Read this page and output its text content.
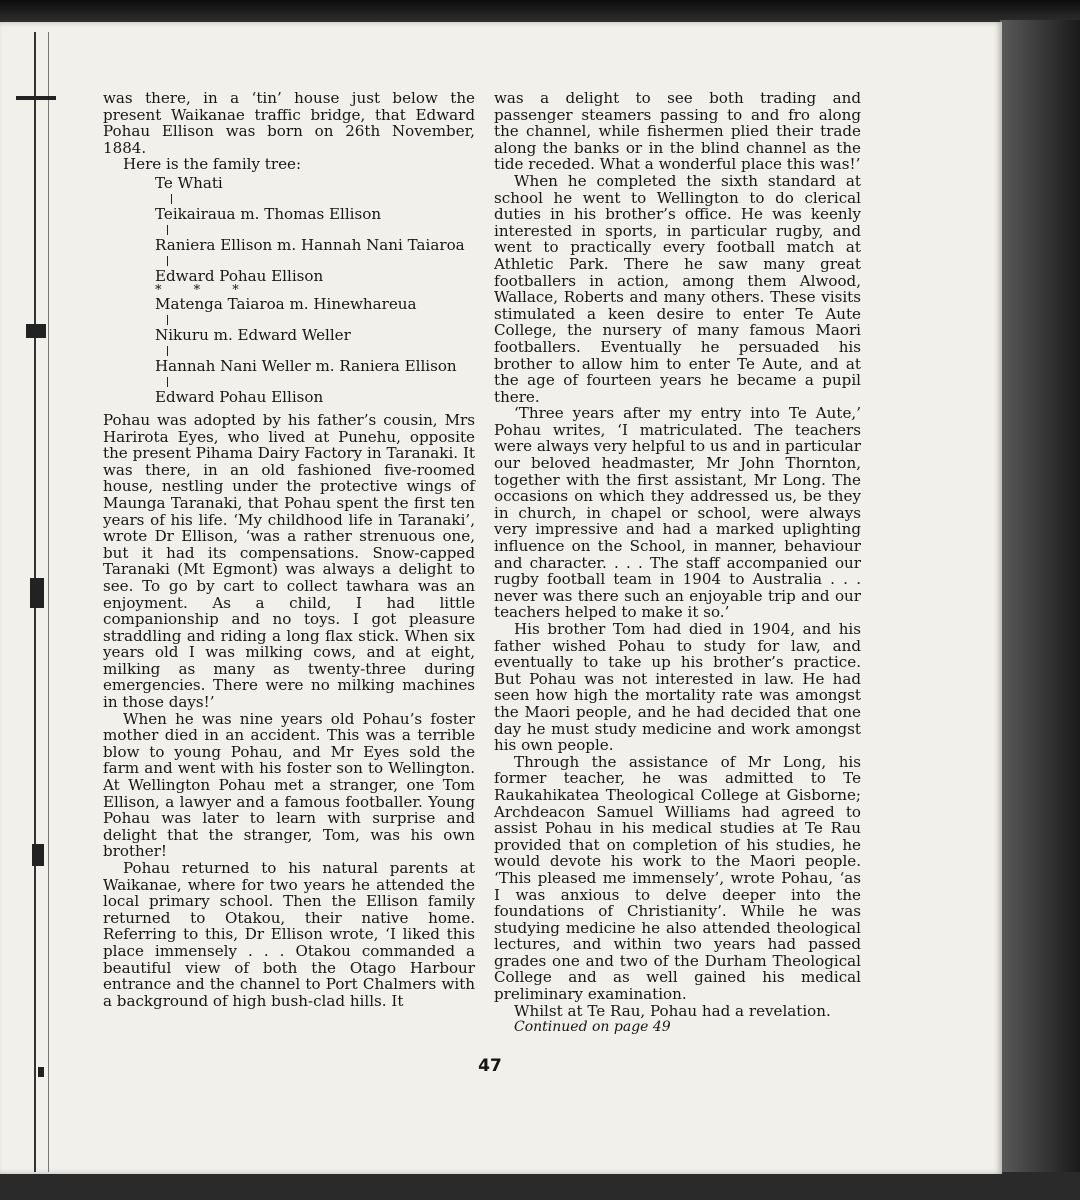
was there, in a ‘tin’ house just below the present Waikanae traffic bridge, that Edward Pohau Ellison was born on 26th November, 1884.

Here is the family tree:

Te Whati

Teikairaua m. Thomas Ellison

Raniera Ellison m. Hannah Nani Taiaroa

Edward Pohau Ellison

* * *

Matenga Taiaroa m. Hinewhareua

Nikuru m. Edward Weller

Hannah Nani Weller m. Raniera Ellison

Edward Pohau Ellison

Pohau was adopted by his father’s cousin, Mrs Harirota Eyes, who lived at Punehu, opposite the present Pihama Dairy Factory in Taranaki. It was there, in an old fashioned five-roomed house, nestling under the protective wings of Maunga Taranaki, that Pohau spent the first ten years of his life. ‘My childhood life in Taranaki’, wrote Dr Ellison, ‘was a rather strenuous one, but it had its compensations. Snow-capped Taranaki (Mt Egmont) was always a delight to see. To go by cart to collect tawhara was an enjoyment. As a child, I had little companionship and no toys. I got pleasure straddling and riding a long flax stick. When six years old I was milking cows, and at eight, milking as many as twenty-three during emergencies. There were no milking machines in those days!’

When he was nine years old Pohau’s foster mother died in an accident. This was a terrible blow to young Pohau, and Mr Eyes sold the farm and went with his foster son to Wellington. At Wellington Pohau met a stranger, one Tom Ellison, a lawyer and a famous footballer. Young Pohau was later to learn with surprise and delight that the stranger, Tom, was his own brother!

Pohau returned to his natural parents at Waikanae, where for two years he attended the local primary school. Then the Ellison family returned to Otakou, their native home. Referring to this, Dr Ellison wrote, ‘I liked this place immensely . . . Otakou commanded a beautiful view of both the Otago Harbour entrance and the channel to Port Chalmers with a background of high bush-clad hills. It

was a delight to see both trading and passenger steamers passing to and fro along the channel, while fishermen plied their trade along the banks or in the blind channel as the tide receded. What a wonderful place this was!’

When he completed the sixth standard at school he went to Wellington to do clerical duties in his brother’s office. He was keenly interested in sports, in particular rugby, and went to practically every football match at Athletic Park. There he saw many great footballers in action, among them Alwood, Wallace, Roberts and many others. These visits stimulated a keen desire to enter Te Aute College, the nursery of many famous Maori footballers. Eventually he persuaded his brother to allow him to enter Te Aute, and at the age of fourteen years he became a pupil there.

‘Three years after my entry into Te Aute,’ Pohau writes, ‘I matriculated. The teachers were always very helpful to us and in particular our beloved headmaster, Mr John Thornton, together with the first assistant, Mr Long. The occasions on which they addressed us, be they in church, in chapel or school, were always very impressive and had a marked uplighting influence on the School, in manner, behaviour and character. . . . The staff accompanied our rugby football team in 1904 to Australia . . . never was there such an enjoyable trip and our teachers helped to make it so.’

His brother Tom had died in 1904, and his father wished Pohau to study for law, and eventually to take up his brother’s practice. But Pohau was not interested in law. He had seen how high the mortality rate was amongst the Maori people, and he had decided that one day he must study medicine and work amongst his own people.

Through the assistance of Mr Long, his former teacher, he was admitted to Te Raukahikatea Theological College at Gisborne; Archdeacon Samuel Williams had agreed to assist Pohau in his medical studies at Te Rau provided that on completion of his studies, he would devote his work to the Maori people. ‘This pleased me immensely’, wrote Pohau, ‘as I was anxious to delve deeper into the foundations of Christianity’. While he was studying medicine he also attended theological lectures, and within two years had passed grades one and two of the Durham Theological College and as well gained his medical preliminary examination.

Whilst at Te Rau, Pohau had a revelation.

Continued on page 49

47
